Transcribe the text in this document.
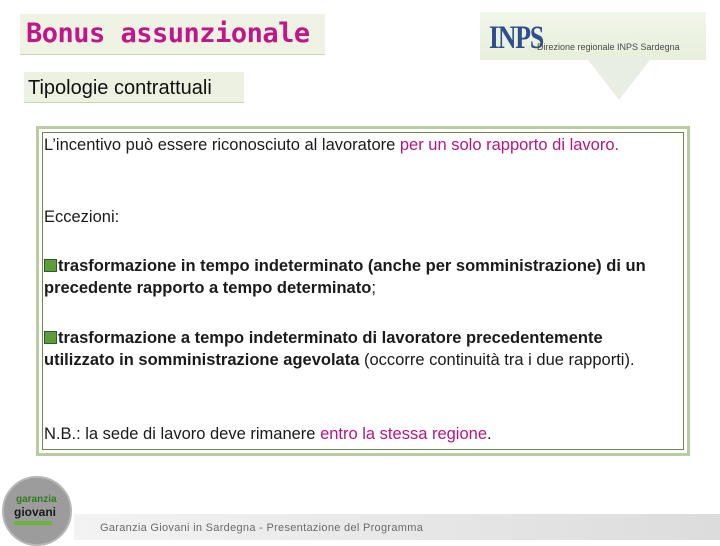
Bonus assunzionale	INPS
Direzione regionale INPS Sardegna
Tipologie contrattuali
L’incentivo può essere riconosciuto al lavoratore per un solo rapporto di lavoro.
Eccezioni:
trasformazione in tempo indeterminato (anche per somministrazione) di un precedente rapporto a tempo determinato;
trasformazione a tempo indeterminato di lavoratore precedentemente utilizzato in somministrazione agevolata (occorre continuità tra i due rapporti).
N.B.: la sede di lavoro deve rimanere entro la stessa regione.
Garanzia Giovani in Sardegna - Presentazione del Programma
garanzia
giovani
